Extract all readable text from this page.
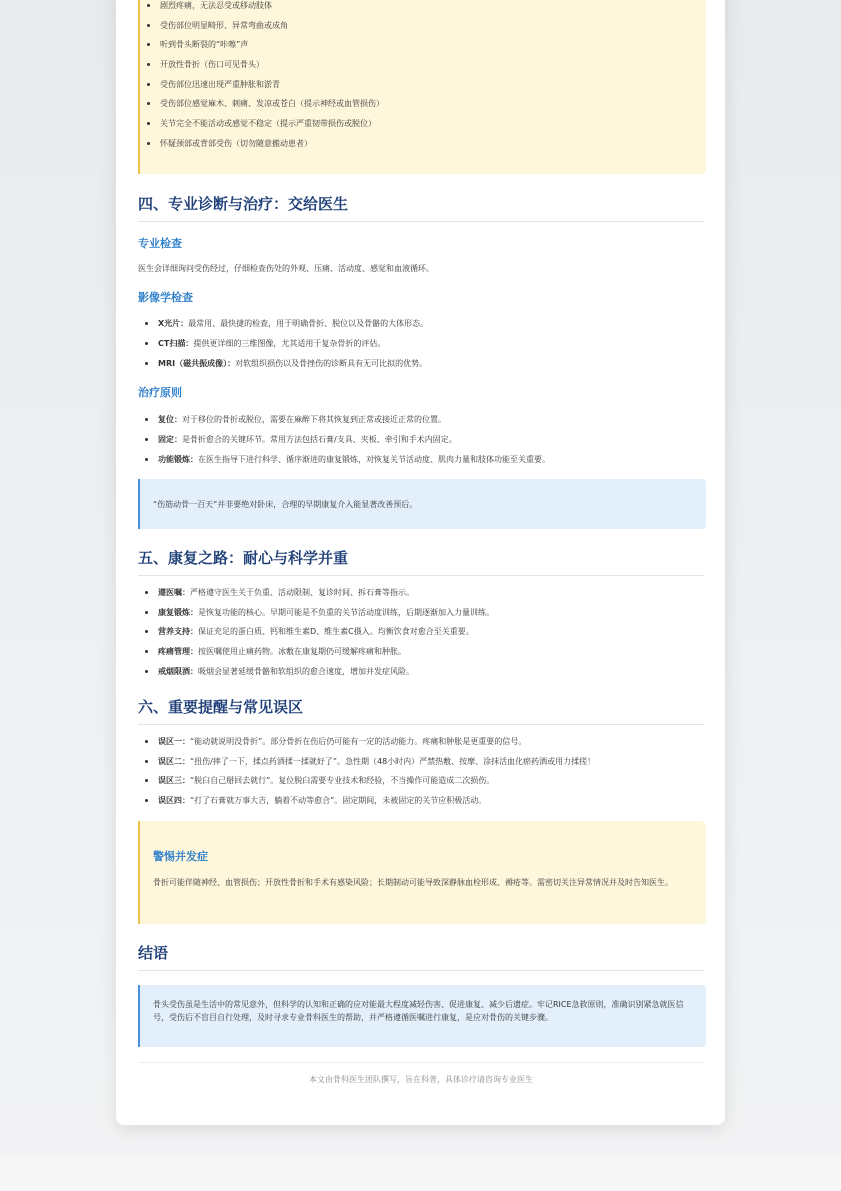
剧烈疼痛，无法忍受或移动肢体
受伤部位明显畸形、异常弯曲或成角
听到骨头断裂的“咔嚓”声
开放性骨折（伤口可见骨头）
受伤部位迅速出现严重肿胀和淤青
受伤部位感觉麻木、刺痛、发凉或苍白（提示神经或血管损伤）
关节完全不能活动或感觉不稳定（提示严重韧带损伤或脱位）
怀疑颈部或背部受伤（切勿随意搬动患者）
四、专业诊断与治疗：交给医生
专业检查

医生会详细询问受伤经过，仔细检查伤处的外观、压痛、活动度、感觉和血液循环。

影像学检查
X光片：最常用、最快捷的检查，用于明确骨折、脱位以及骨骼的大体形态。
CT扫描：提供更详细的三维图像，尤其适用于复杂骨折的评估。
MRI（磁共振成像）：对软组织损伤以及骨挫伤的诊断具有无可比拟的优势。
治疗原则
复位：对于移位的骨折或脱位，需要在麻醉下将其恢复到正常或接近正常的位置。
固定：是骨折愈合的关键环节。常用方法包括石膏/支具、夹板、牵引和手术内固定。
功能锻炼：在医生指导下进行科学、循序渐进的康复锻炼，对恢复关节活动度、肌肉力量和肢体功能至关重要。

“伤筋动骨一百天”并非要绝对卧床，合理的早期康复介入能显著改善预后。

五、康复之路：耐心与科学并重
遵医嘱：严格遵守医生关于负重、活动限制、复诊时间、拆石膏等指示。
康复锻炼：是恢复功能的核心。早期可能是不负重的关节活动度训练，后期逐渐加入力量训练。
营养支持：保证充足的蛋白质、钙和维生素D、维生素C摄入。均衡饮食对愈合至关重要。
疼痛管理：按医嘱使用止痛药物。冰敷在康复期仍可缓解疼痛和肿胀。
戒烟限酒：吸烟会显著延缓骨骼和软组织的愈合速度，增加并发症风险。
六、重要提醒与常见误区
误区一：“能动就说明没骨折”。部分骨折在伤后仍可能有一定的活动能力。疼痛和肿胀是更重要的信号。
误区二：“扭伤/摔了一下，揉点药酒揉一揉就好了”。急性期（48小时内）严禁热敷、按摩、涂抹活血化瘀药酒或用力揉搓！
误区三：“脱臼自己掰回去就行”。复位脱臼需要专业技术和经验，不当操作可能造成二次损伤。
误区四：“打了石膏就万事大吉，躺着不动等愈合”。固定期间，未被固定的关节应积极活动。
警惕并发症

骨折可能伴随神经、血管损伤；开放性骨折和手术有感染风险；长期制动可能导致深静脉血栓形成、褥疮等。需密切关注异常情况并及时告知医生。

结语

骨头受伤虽是生活中的常见意外，但科学的认知和正确的应对能最大程度减轻伤害、促进康复、减少后遗症。牢记RICE急救原则，准确识别紧急就医信号，受伤后不盲目自行处理，及时寻求专业骨科医生的帮助，并严格遵循医嘱进行康复，是应对骨伤的关键步骤。

本文由骨科医生团队撰写，旨在科普，具体诊疗请咨询专业医生
